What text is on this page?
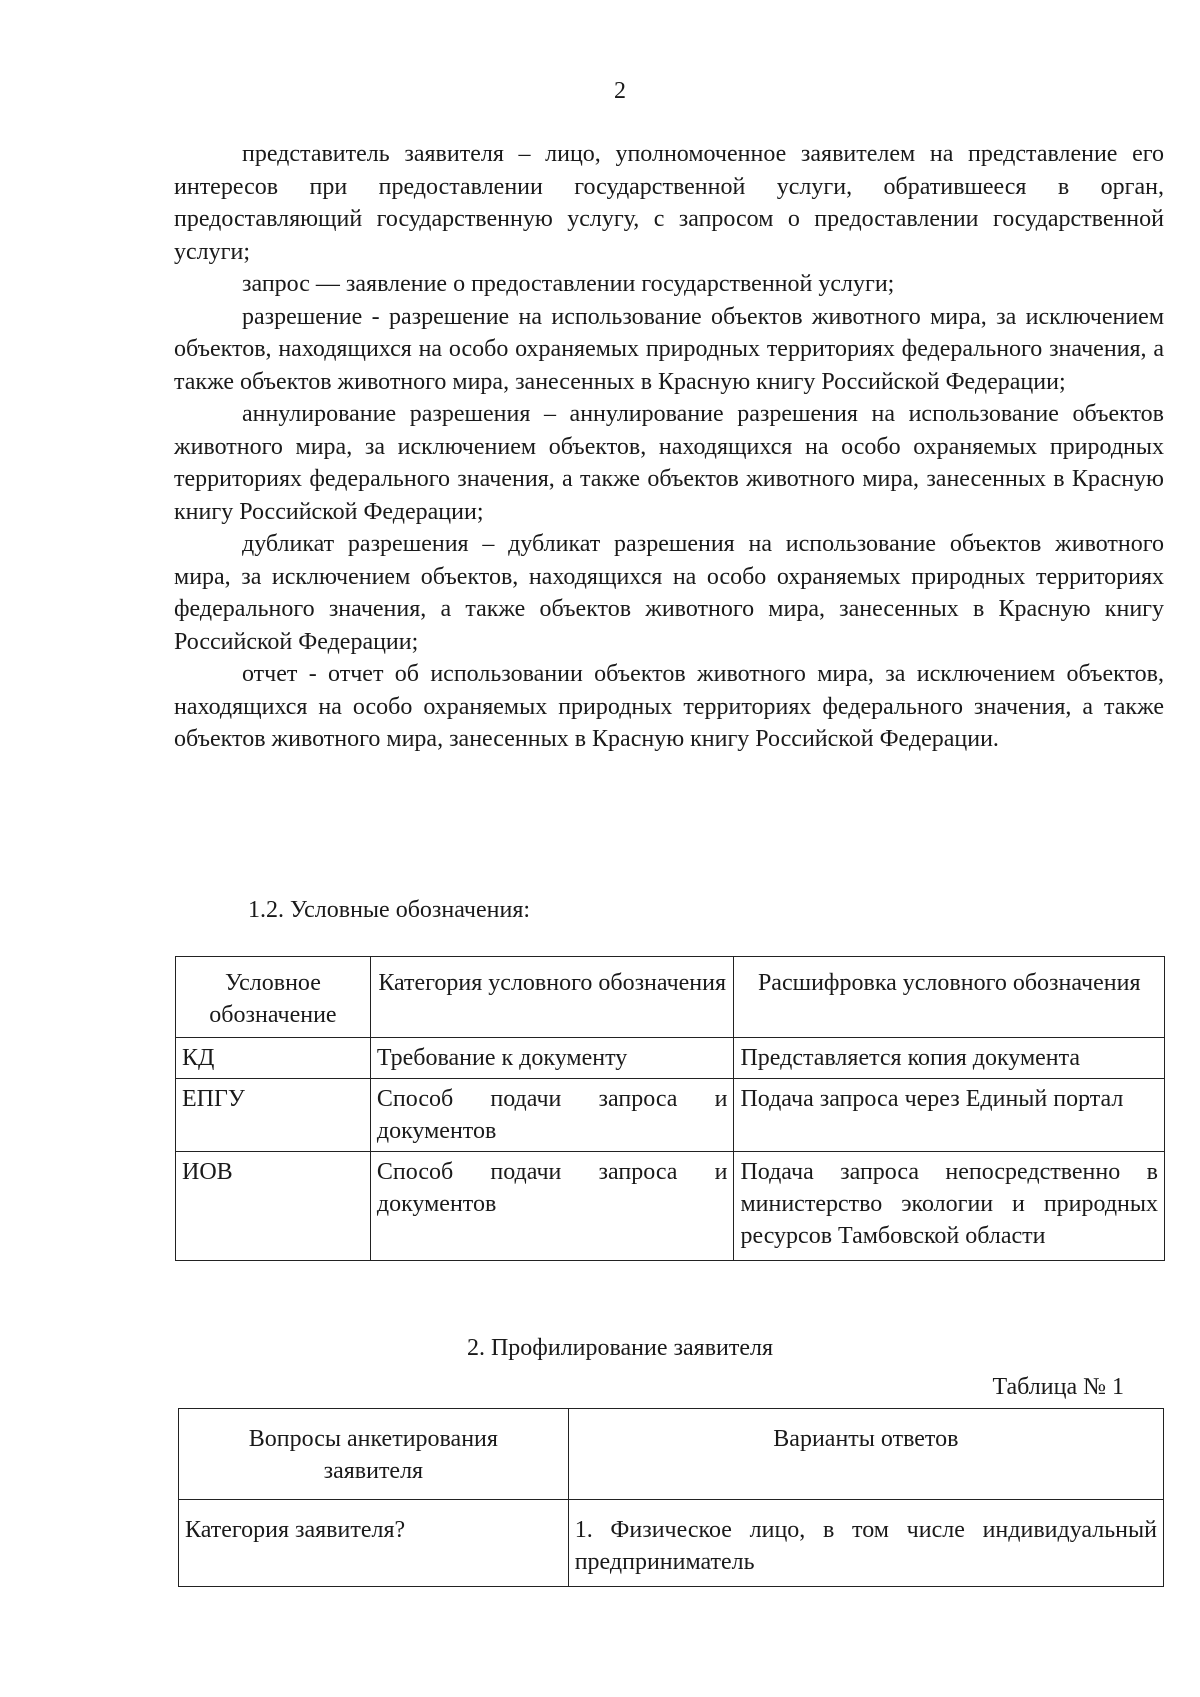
2

представитель заявителя – лицо, уполномоченное заявителем на представление его интересов при предоставлении государственной услуги, обратившееся в орган, предоставляющий государственную услугу, с запросом о предоставлении государственной услуги;

запрос — заявление о предоставлении государственной услуги;

разрешение - разрешение на использование объектов животного мира, за исключением объектов, находящихся на особо охраняемых природных территориях федерального значения, а также объектов животного мира, занесенных в Красную книгу Российской Федерации;

аннулирование разрешения – аннулирование разрешения на использование объектов животного мира, за исключением объектов, находящихся на особо охраняемых природных территориях федерального значения, а также объектов животного мира, занесенных в Красную книгу Российской Федерации;

дубликат разрешения – дубликат разрешения на использование объектов животного мира, за исключением объектов, находящихся на особо охраняемых природных территориях федерального значения, а также объектов животного мира, занесенных в Красную книгу Российской Федерации;

отчет - отчет об использовании объектов животного мира, за исключением объектов, находящихся на особо охраняемых природных территориях федерального значения, а также объектов животного мира, занесенных в Красную книгу Российской Федерации.

1.2. Условные обозначения:
Условное обозначение	Категория условного обозначения	Расшифровка условного обозначения
КД	Требование к документу	Представляется копия документа
ЕПГУ	Способ подачи запроса и документов	Подача запроса через Единый портал
ИОВ	Способ подачи запроса и документов	Подача запроса непосредственно в министерство экологии и природных ресурсов Тамбовской области
2. Профилирование заявителя
Таблица № 1
Вопросы анкетирования заявителя	Варианты ответов
Категория заявителя?	1. Физическое лицо, в том числе индивидуальный предприниматель
